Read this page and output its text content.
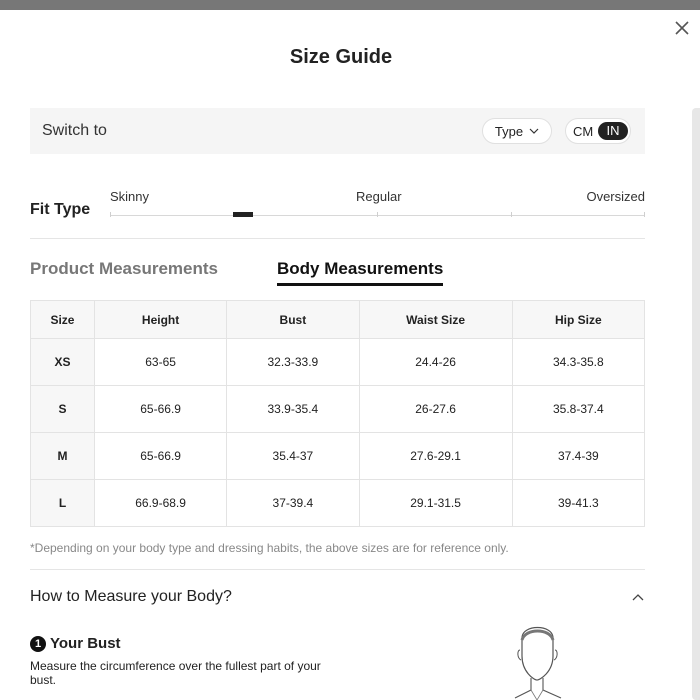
Size Guide
Switch to	Type	CM	IN
Fit Type
Skinny	Regular	Oversized
Product Measurements	Body Measurements
Size	Height	Bust	Waist Size	Hip Size
XS	63-65	32.3-33.9	24.4-26	34.3-35.8
S	65-66.9	33.9-35.4	26-27.6	35.8-37.4
M	65-66.9	35.4-37	27.6-29.1	37.4-39
L	66.9-68.9	37-39.4	29.1-31.5	39-41.3
*Depending on your body type and dressing habits, the above sizes are for reference only.
How to Measure your Body?
1 Your Bust
Measure the circumference over the fullest part of your bust.
